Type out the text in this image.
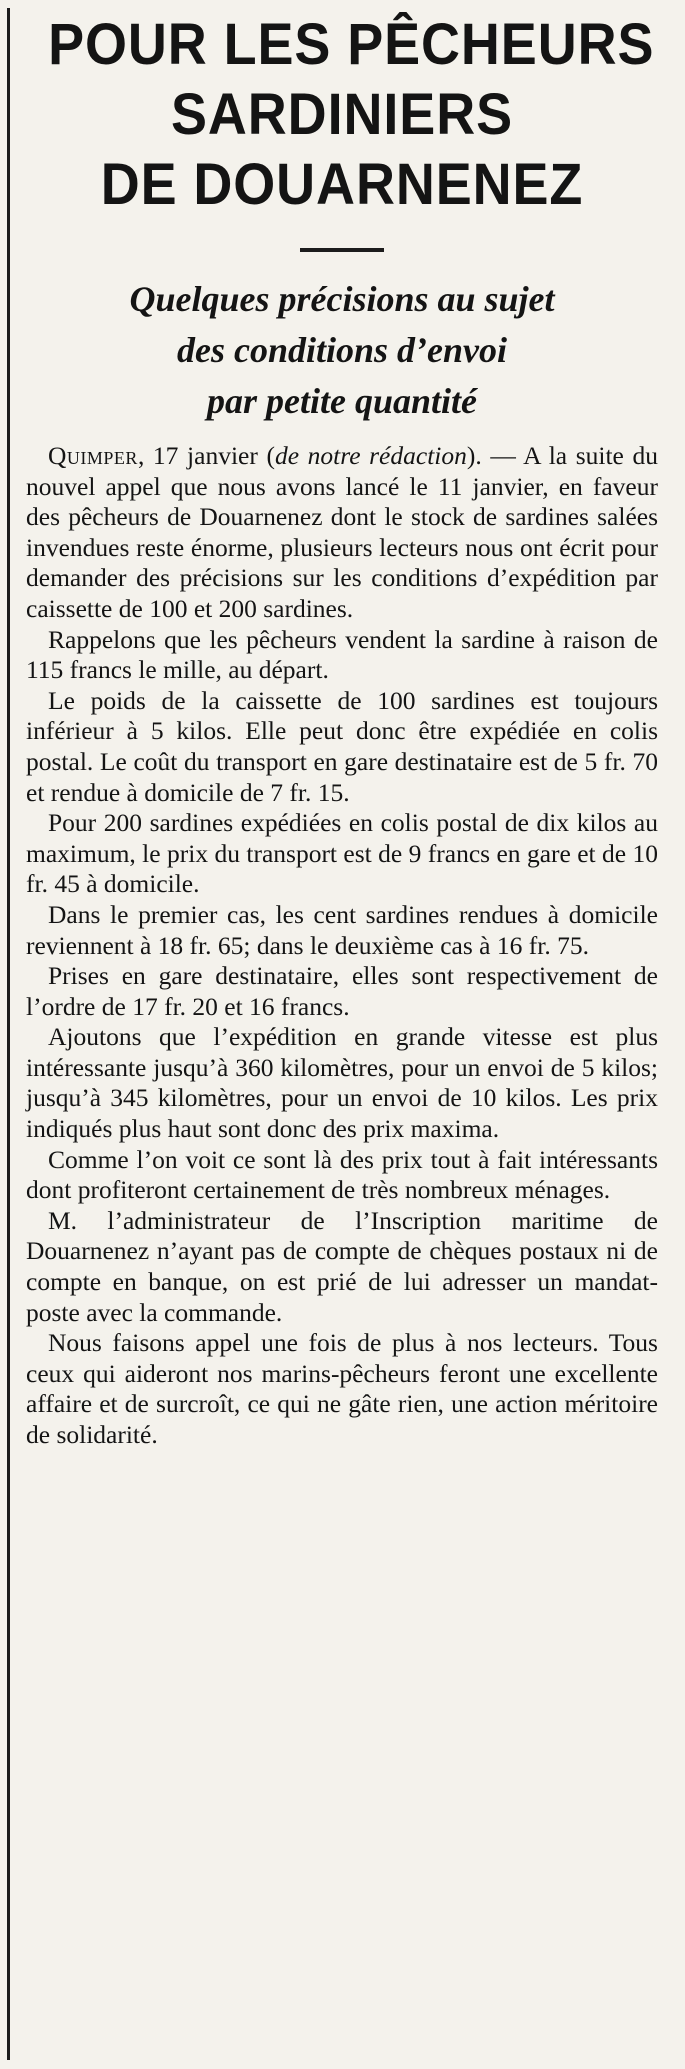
POUR LES PÊCHEURS
SARDINIERS
DE DOUARNENEZ
Quelques précisions au sujet
des conditions d’envoi
par petite quantité

Quimper, 17 janvier (de notre rédaction). — A la suite du nouvel appel que nous avons lancé le 11 janvier, en faveur des pêcheurs de Douarnenez dont le stock de sardines salées invendues reste énorme, plusieurs lecteurs nous ont écrit pour demander des précisions sur les conditions d’expédition par caissette de 100 et 200 sardines.

Rappelons que les pêcheurs vendent la sardine à raison de 115 francs le mille, au départ.

Le poids de la caissette de 100 sardines est toujours inférieur à 5 kilos. Elle peut donc être expédiée en colis postal. Le coût du transport en gare destinataire est de 5 fr. 70 et rendue à domicile de 7 fr. 15.

Pour 200 sardines expédiées en colis postal de dix kilos au maximum, le prix du transport est de 9 francs en gare et de 10 fr. 45 à domicile.

Dans le premier cas, les cent sardines rendues à domicile reviennent à 18 fr. 65; dans le deuxième cas à 16 fr. 75.

Prises en gare destinataire, elles sont respectivement de l’ordre de 17 fr. 20 et 16 francs.

Ajoutons que l’expédition en grande vitesse est plus intéressante jusqu’à 360 kilomètres, pour un envoi de 5 kilos; jusqu’à 345 kilomètres, pour un envoi de 10 kilos. Les prix indiqués plus haut sont donc des prix maxima.

Comme l’on voit ce sont là des prix tout à fait intéressants dont profiteront certainement de très nombreux ménages.

M. l’administrateur de l’Inscription maritime de Douarnenez n’ayant pas de compte de chèques postaux ni de compte en banque, on est prié de lui adresser un mandat-poste avec la commande.

Nous faisons appel une fois de plus à nos lecteurs. Tous ceux qui aideront nos marins-pêcheurs feront une excellente affaire et de surcroît, ce qui ne gâte rien, une action méritoire de solidarité.
